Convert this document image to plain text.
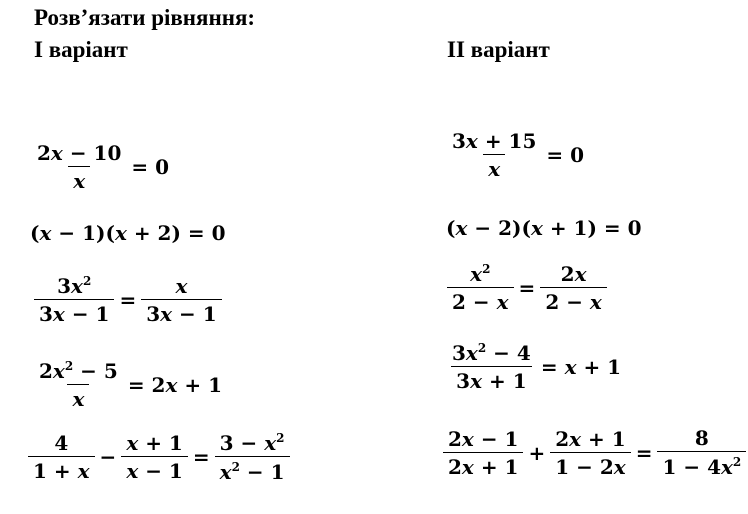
Розв’язати рівняння:
І варіант	ІІ варіант
$\frac{2x - 10}{x} = 0$
(x − 1)(x + 2) = 0
$\frac{3x^2}{3x - 1} = \frac{x}{3x - 1}$
$\frac{2x^2 - 5}{x} = 2x + 1$
$\frac{4}{1 + x} - \frac{x + 1}{x - 1} = \frac{3 - x^2}{x^2 - 1}$
$\frac{3x + 15}{x} = 0$
(x − 2)(x + 1) = 0
$\frac{x^2}{2 - x} = \frac{2x}{2 - x}$
$\frac{3x^2 - 4}{3x + 1} = x + 1$
$\frac{2x - 1}{2x + 1} + \frac{2x + 1}{1 - 2x} = \frac{8}{1 - 4x^2}$
